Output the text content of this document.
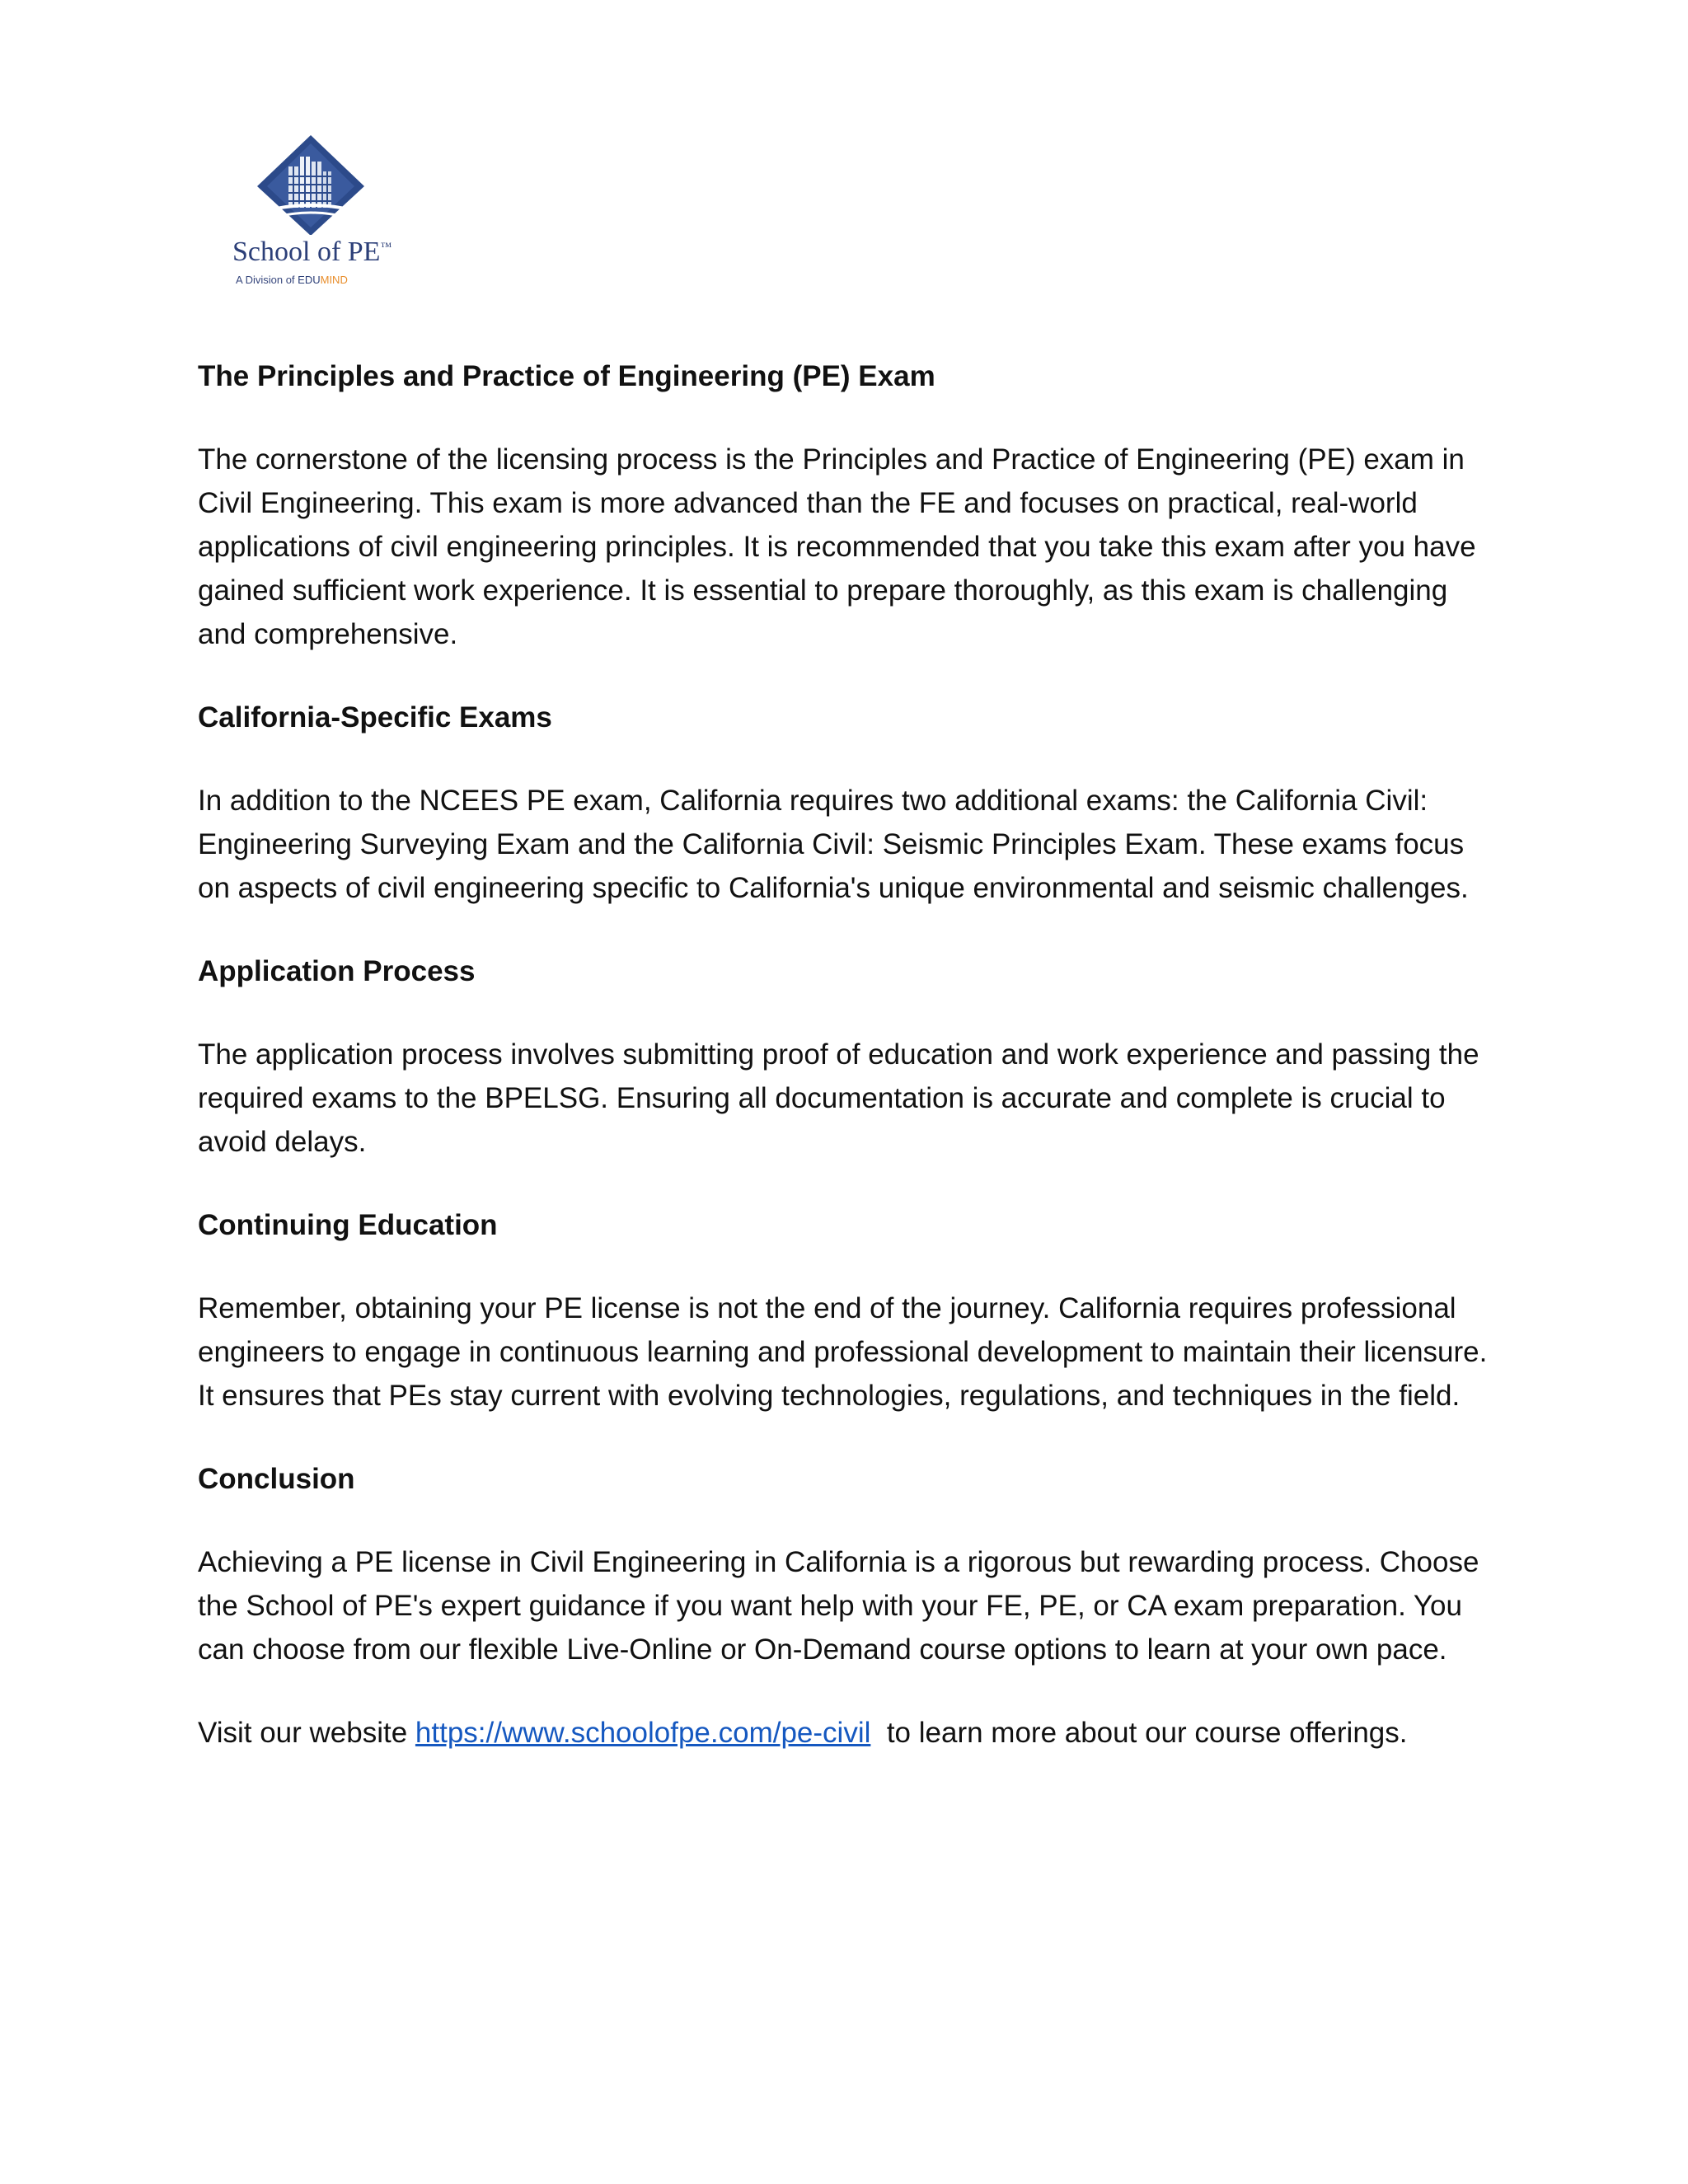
School of PE™
A Division of EDUMIND
The Principles and Practice of Engineering (PE) Exam
The cornerstone of the licensing process is the Principles and Practice of Engineering (PE) exam in Civil Engineering. This exam is more advanced than the FE and focuses on practical, real-world applications of civil engineering principles. It is recommended that you take this exam after you have gained sufficient work experience. It is essential to prepare thoroughly, as this exam is challenging and comprehensive.
California-Specific Exams
In addition to the NCEES PE exam, California requires two additional exams: the California Civil: Engineering Surveying Exam and the California Civil: Seismic Principles Exam. These exams focus on aspects of civil engineering specific to California's unique environmental and seismic challenges.
Application Process
The application process involves submitting proof of education and work experience and passing the required exams to the BPELSG. Ensuring all documentation is accurate and complete is crucial to avoid delays.
Continuing Education
Remember, obtaining your PE license is not the end of the journey. California requires professional engineers to engage in continuous learning and professional development to maintain their licensure. It ensures that PEs stay current with evolving technologies, regulations, and techniques in the field.
Conclusion
Achieving a PE license in Civil Engineering in California is a rigorous but rewarding process. Choose the School of PE's expert guidance if you want help with your FE, PE, or CA exam preparation. You can choose from our flexible Live-Online or On-Demand course options to learn at your own pace.
Visit our website https://www.schoolofpe.com/pe-civil  to learn more about our course offerings.
